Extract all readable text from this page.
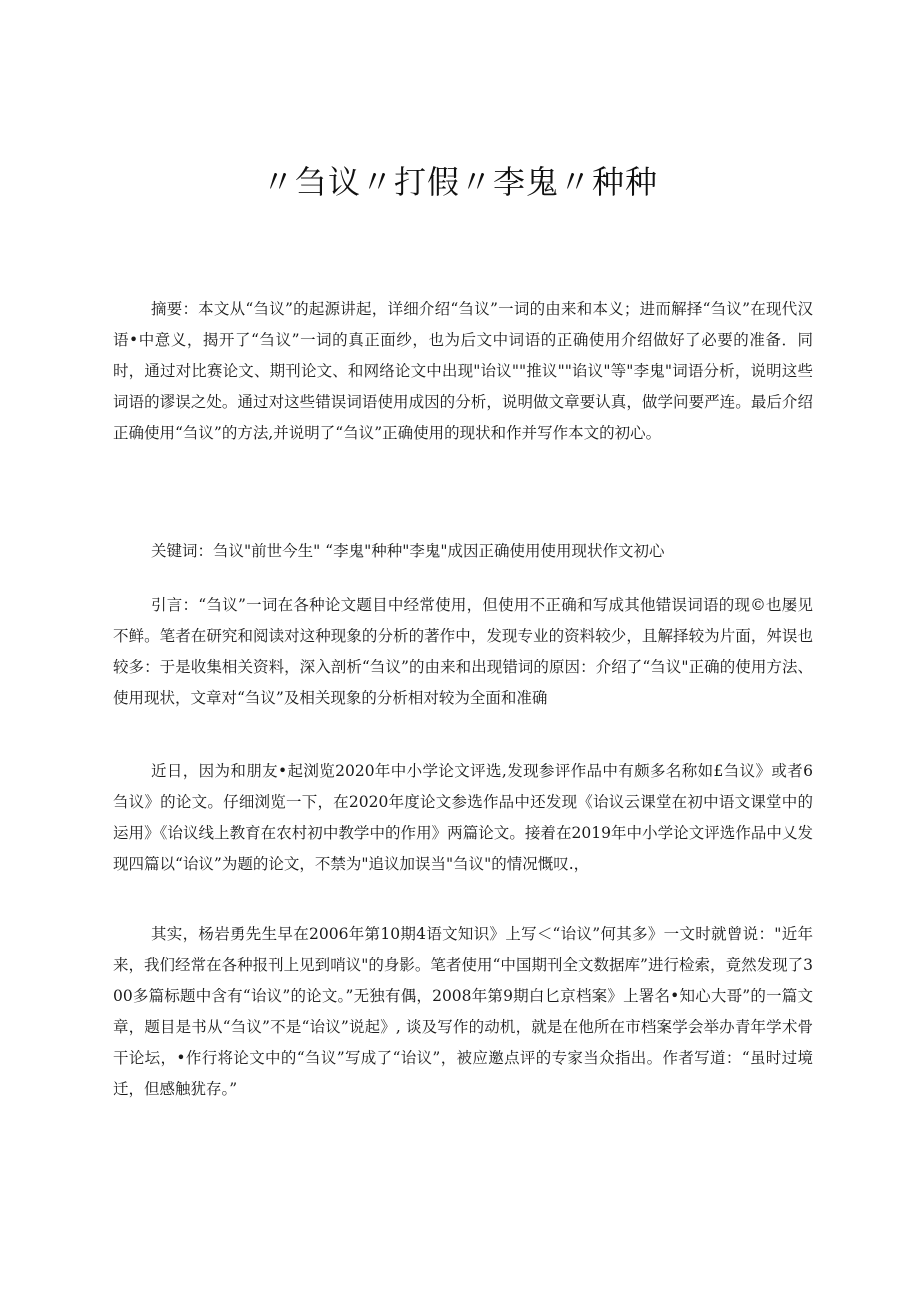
〃刍议〃打假〃李鬼〃种种

摘要：本文从“刍议”的起源讲起，详细介绍“刍议”一词的由来和本义；进而解择“刍议”在现代汉语•中意义，揭开了“刍议”一词的真正面纱，也为后文中词语的正确使用介绍做好了必要的准备．同时，通过对比赛论文、期刊论文、和网络论文中出现"诒议""推议""谄议"等"李鬼"词语分析，说明这些词语的谬误之处。通过对这些错误词语使用成因的分析，说明做文章要认真，做学问要严连。最后介绍正确使用“刍议”的方法,并说明了“刍议”正确使用的现状和作并写作本文的初心。

关键词：刍议"前世今生" “李鬼"种种"李鬼"成因正确使用使用现状作文初心

引言：“刍议”一词在各种论文题目中经常使用，但使用不正确和写成其他错误词语的现©也屡见不鲜。笔者在研究和阅读对这种现象的分析的著作中，发现专业的资料较少，且解择较为片面，舛误也较多：于是收集相关资料，深入剖析“刍议”的由来和出现错词的原因：介绍了“刍议"正确的使用方法、使用现状，文章对“刍议”及相关现象的分析相对较为全面和准确

近日，因为和朋友•起浏览2020年中小学论文评选,发现参评作品中有颇多名称如£刍议》或者6刍议》的论文。仔细浏览一下，在2020年度论文参选作品中还发现《诒议云课堂在初中语文课堂中的运用》《诒议线上教育在农村初中教学中的作用》两篇论文。接着在2019年中小学论文评选作品中乂发现四篇以“诒议”为题的论文，不禁为"追议加误当"刍议"的情况慨叹.，

其实，杨岩勇先生早在2006年第10期4语文知识》上写＜“诒议”何其多》一文时就曾说："近年来，我们经常在各种报刊上见到哨议"的身影。笔者使用“中国期刊全文数据库”进行检索，竟然发现了300多篇标题中含有“诒议”的论文。”无独有偶，2008年第9期白匕京档案》上署名•知心大哥”的一篇文章，题目是书从“刍议”不是“诒议”说起》, 谈及写作的动机，就是在他所在市档案学会举办青年学术骨干论坛，•作行将论文中的“刍议”写成了“诒议”，被应邀点评的专家当众指出。作者写道：“虽时过境迁，但感触犹存。”
